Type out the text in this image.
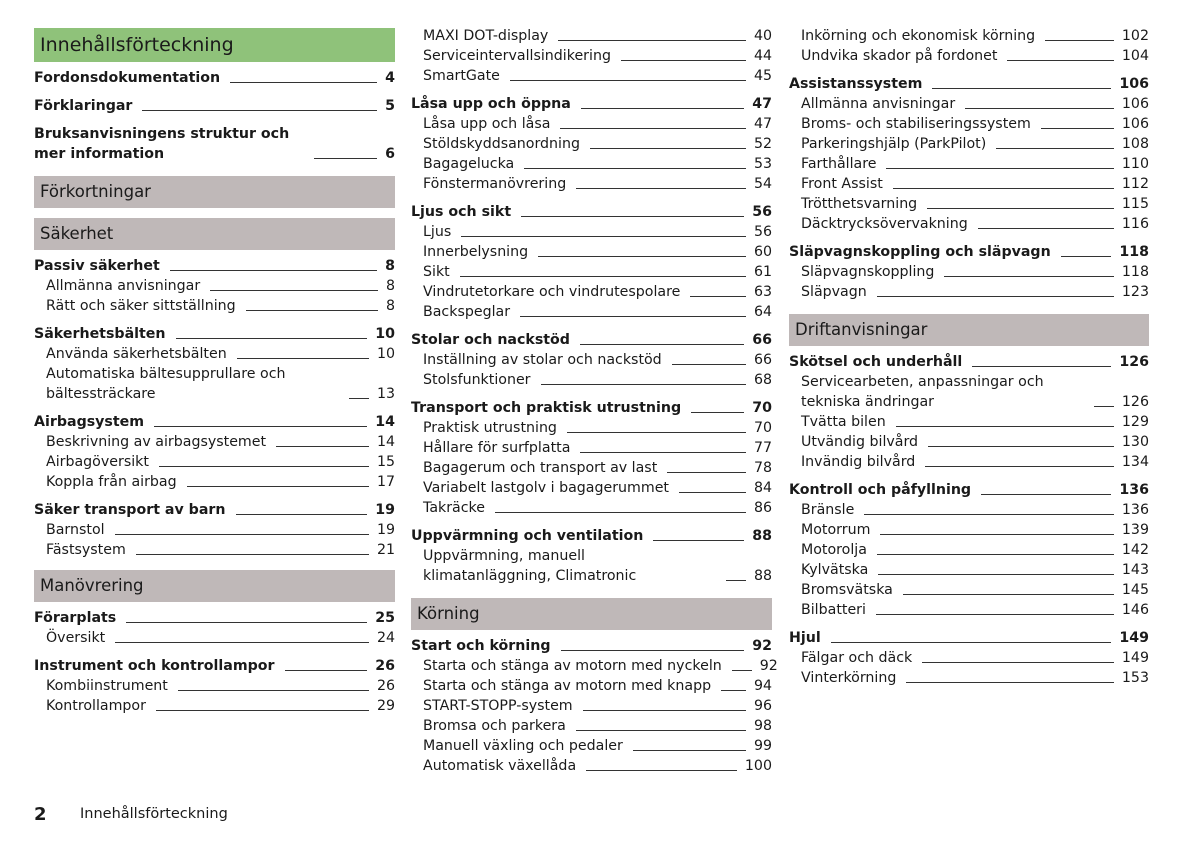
Innehållsförteckning
Fordonsdokumentation	4
Förklaringar	5
Bruksanvisningens struktur och mer information	6
Förkortningar
Säkerhet
Passiv säkerhet	8
Allmänna anvisningar	8
Rätt och säker sittställning	8
Säkerhetsbälten	10
Använda säkerhetsbälten	10
Automatiska bältesupprullare och bältessträckare	13
Airbagsystem	14
Beskrivning av airbagsystemet	14
Airbagöversikt	15
Koppla från airbag	17
Säker transport av barn	19
Barnstol	19
Fästsystem	21
Manövrering
Förarplats	25
Översikt	24
Instrument och kontrollampor	26
Kombiinstrument	26
Kontrollampor	29
MAXI DOT-display	40
Serviceintervallsindikering	44
SmartGate	45
Låsa upp och öppna	47
Låsa upp och låsa	47
Stöldskyddsanordning	52
Bagagelucka	53
Fönstermanövrering	54
Ljus och sikt	56
Ljus	56
Innerbelysning	60
Sikt	61
Vindrutetorkare och vindrutespolare	63
Backspeglar	64
Stolar och nackstöd	66
Inställning av stolar och nackstöd	66
Stolsfunktioner	68
Transport och praktisk utrustning	70
Praktisk utrustning	70
Hållare för surfplatta	77
Bagagerum och transport av last	78
Variabelt lastgolv i bagagerummet	84
Takräcke	86
Uppvärmning och ventilation	88
Uppvärmning, manuell klimatanläggning, Climatronic	88
Körning
Start och körning	92
Starta och stänga av motorn med nyckeln	92
Starta och stänga av motorn med knapp	94
START-STOPP-system	96
Bromsa och parkera	98
Manuell växling och pedaler	99
Automatisk växellåda	100
Inkörning och ekonomisk körning	102
Undvika skador på fordonet	104
Assistanssystem	106
Allmänna anvisningar	106
Broms- och stabiliseringssystem	106
Parkeringshjälp (ParkPilot)	108
Farthållare	110
Front Assist	112
Trötthetsvarning	115
Däcktrycksövervakning	116
Släpvagnskoppling och släpvagn	118
Släpvagnskoppling	118
Släpvagn	123
Driftanvisningar
Skötsel och underhåll	126
Servicearbeten, anpassningar och tekniska ändringar	126
Tvätta bilen	129
Utvändig bilvård	130
Invändig bilvård	134
Kontroll och påfyllning	136
Bränsle	136
Motorrum	139
Motorolja	142
Kylvätska	143
Bromsvätska	145
Bilbatteri	146
Hjul	149
Fälgar och däck	149
Vinterkörning	153
2 Innehållsförteckning
